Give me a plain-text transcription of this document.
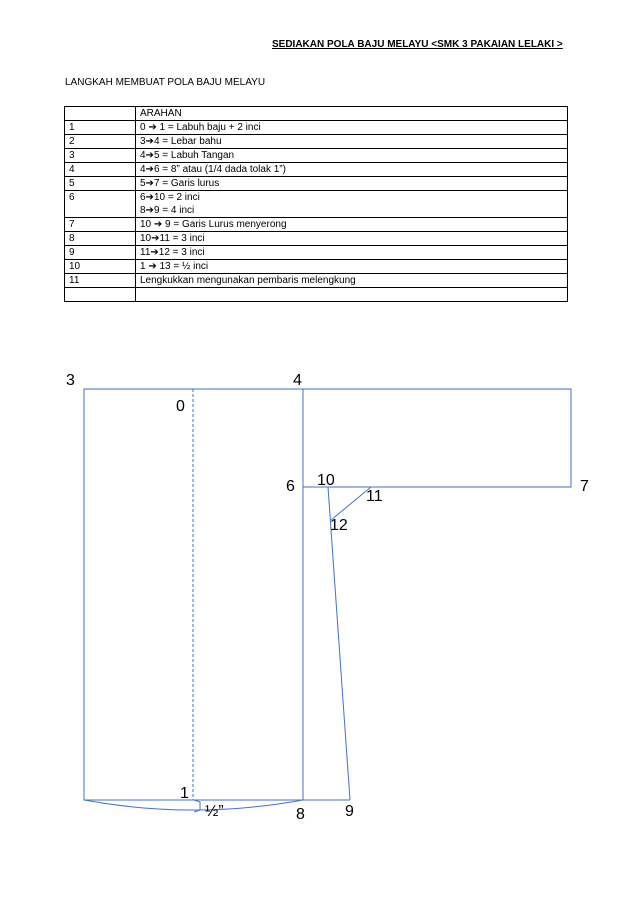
SEDIAKAN POLA BAJU MELAYU <SMK 3 PAKAIAN LELAKI >
LANGKAH MEMBUAT POLA BAJU MELAYU
	ARAHAN
1	0 ➔ 1 = Labuh baju + 2 inci

2	3➔4 = Lebar bahu

3	4➔5 = Labuh Tangan

4	4➔6 = 8” atau (1/4 dada tolak 1”)

5	5➔7 = Garis lurus

6	6➔10 = 2 inci
8➔9 = 4 inci

7	10 ➔ 9 = Garis Lurus menyerong

8	10➔11 = 3 inci

9	11➔12 = 3 inci

10	1 ➔ 13 = ½ inci

11	Lengkukkan mengunakan pembaris melengkung

3	4
0
6 10
11
7
12
1
½”	8	9
